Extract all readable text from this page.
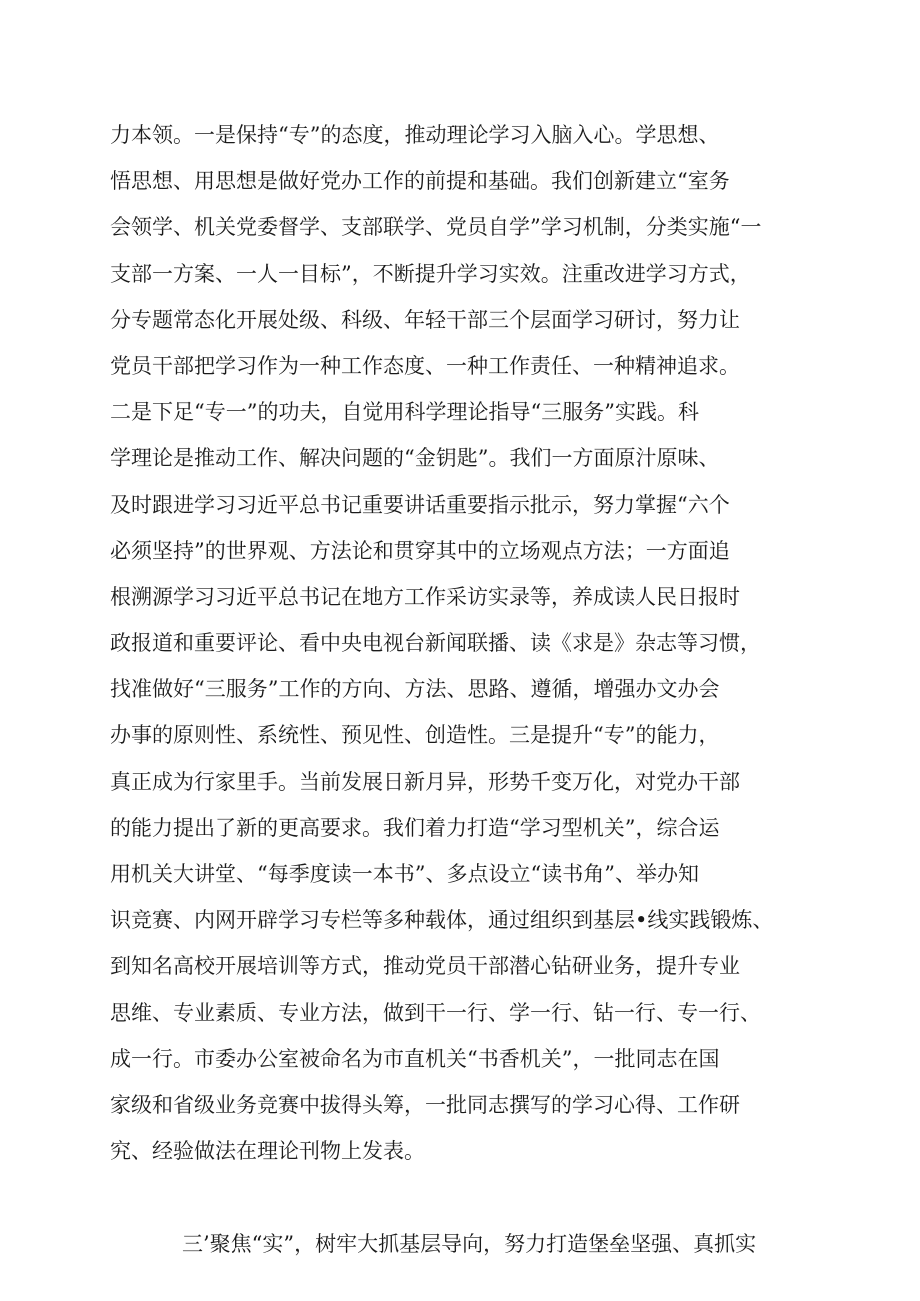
力本领。一是保持“专”的态度，推动理论学习入脑入心。学思想、
悟思想、用思想是做好党办工作的前提和基础。我们创新建立“室务
会领学、机关党委督学、支部联学、党员自学”学习机制，分类实施“一
支部一方案、一人一目标”，不断提升学习实效。注重改进学习方式，
分专题常态化开展处级、科级、年轻干部三个层面学习研讨，努力让
党员干部把学习作为一种工作态度、一种工作责任、一种精神追求。
二是下足“专一”的功夫，自觉用科学理论指导“三服务”实践。科
学理论是推动工作、解决问题的“金钥匙”。我们一方面原汁原味、
及时跟进学习习近平总书记重要讲话重要指示批示，努力掌握“六个
必须坚持”的世界观、方法论和贯穿其中的立场观点方法；一方面追
根溯源学习习近平总书记在地方工作采访实录等，养成读人民日报时
政报道和重要评论、看中央电视台新闻联播、读《求是》杂志等习惯，
找准做好“三服务”工作的方向、方法、思路、遵循，增强办文办会
办事的原则性、系统性、预见性、创造性。三是提升“专”的能力，
真正成为行家里手。当前发展日新月异，形势千变万化，对党办干部
的能力提出了新的更高要求。我们着力打造“学习型机关”，综合运
用机关大讲堂、“每季度读一本书”、多点设立“读书角”、举办知
识竞赛、内网开辟学习专栏等多种载体，通过组织到基层•线实践锻炼、
到知名高校开展培训等方式，推动党员干部潜心钻研业务，提升专业
思维、专业素质、专业方法，做到干一行、学一行、钻一行、专一行、
成一行。市委办公室被命名为市直机关“书香机关”，一批同志在国
家级和省级业务竞赛中拔得头筹，一批同志撰写的学习心得、工作研
究、经验做法在理论刊物上发表。
三’聚焦“实”，树牢大抓基层导向，努力打造堡垒坚强、真抓实
